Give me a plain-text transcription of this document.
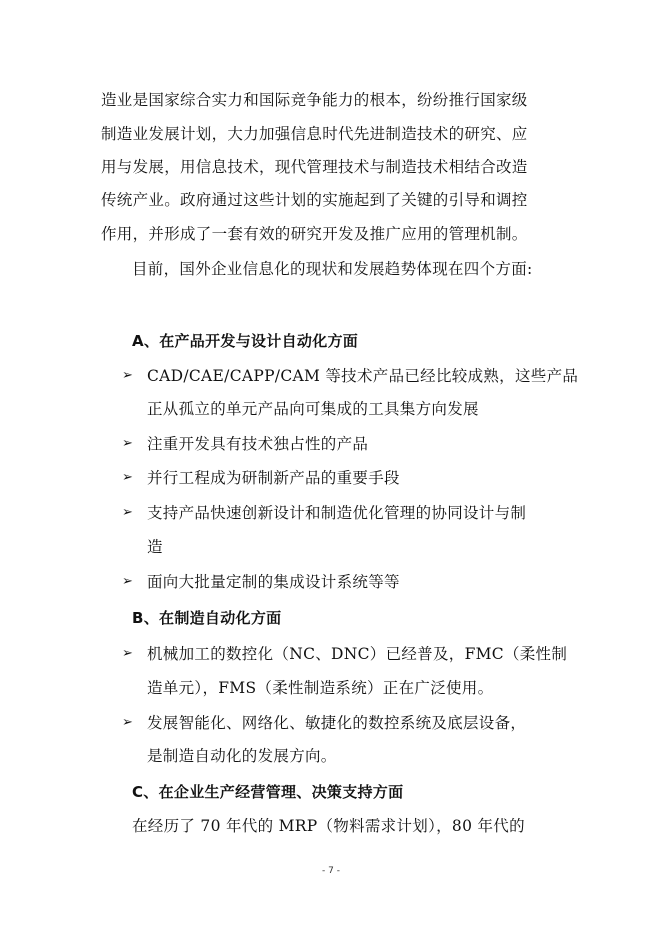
造业是国家综合实力和国际竞争能力的根本，纷纷推行国家级
制造业发展计划，大力加强信息时代先进制造技术的研究、应
用与发展，用信息技术，现代管理技术与制造技术相结合改造
传统产业。政府通过这些计划的实施起到了关键的引导和调控
作用，并形成了一套有效的研究开发及推广应用的管理机制。
目前，国外企业信息化的现状和发展趋势体现在四个方面:
A、在产品开发与设计自动化方面
➢ CAD/CAE/CAPP/CAM 等技术产品已经比较成熟，这些产品
正从孤立的单元产品向可集成的工具集方向发展
➢ 注重开发具有技术独占性的产品
➢ 并行工程成为研制新产品的重要手段
➢ 支持产品快速创新设计和制造优化管理的协同设计与制
造
➢ 面向大批量定制的集成设计系统等等
B、在制造自动化方面
➢ 机械加工的数控化（NC、DNC）已经普及，FMC（柔性制
造单元），FMS（柔性制造系统）正在广泛使用。
➢ 发展智能化、网络化、敏捷化的数控系统及底层设备，
是制造自动化的发展方向。
C、在企业生产经营管理、决策支持方面
在经历了 70 年代的 MRP（物料需求计划），80 年代的
- 7 -
